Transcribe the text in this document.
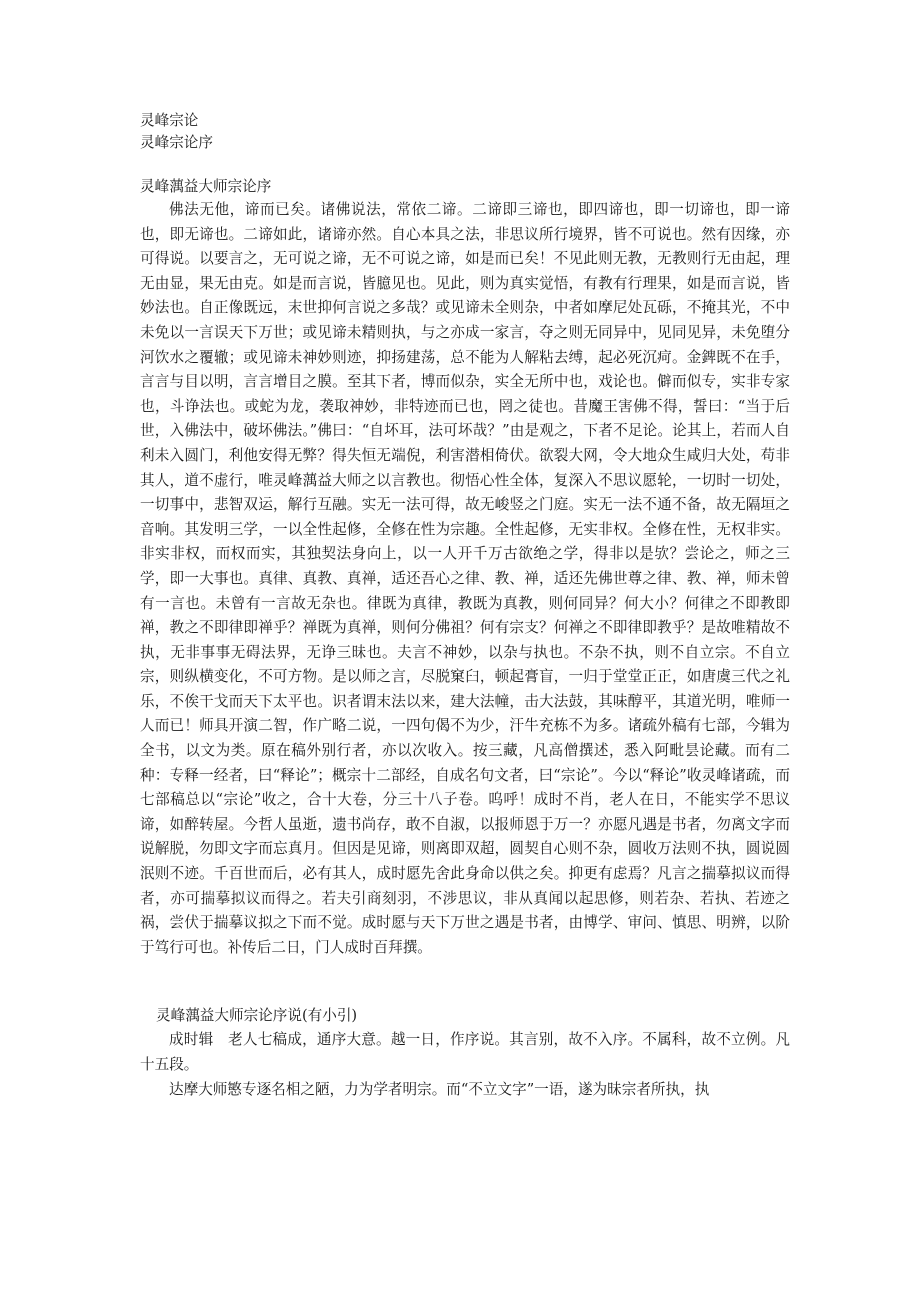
灵峰宗论

灵峰宗论序

灵峰蕅益大师宗论序

佛法无他，谛而已矣。诸佛说法，常依二谛。二谛即三谛也，即四谛也，即一切谛也，即一谛也，即无谛也。二谛如此，诸谛亦然。自心本具之法，非思议所行境界，皆不可说也。然有因缘，亦可得说。以要言之，无可说之谛，无不可说之谛，如是而已矣！不见此则无教，无教则行无由起，理无由显，果无由克。如是而言说，皆臆见也。见此，则为真实觉悟，有教有行理果，如是而言说，皆妙法也。自正像既远，末世抑何言说之多哉？或见谛未全则杂，中者如摩尼处瓦砾，不掩其光，不中未免以一言误天下万世；或见谛未精则执，与之亦成一家言，夺之则无同异中，见同见异，未免堕分河饮水之覆辙；或见谛未神妙则迹，抑扬建荡，总不能为人解粘去缚，起必死沉疴。金錍既不在手，言言与目以明，言言增目之膜。至其下者，博而似杂，实全无所中也，戏论也。僻而似专，实非专家也，斗诤法也。或蛇为龙，袭取神妙，非特迹而已也，罔之徒也。昔魔王害佛不得，誓曰：“当于后世，入佛法中，破坏佛法。”佛曰：“自坏耳，法可坏哉？”由是观之，下者不足论。论其上，若而人自利未入圆门，利他安得无弊？得失恒无端倪，利害潜相倚伏。欲裂大网，令大地众生咸归大处，苟非其人，道不虚行，唯灵峰蕅益大师之以言教也。彻悟心性全体，复深入不思议愿轮，一切时一切处，一切事中，悲智双运，解行互融。实无一法可得，故无峻竖之门庭。实无一法不通不备，故无隔垣之音响。其发明三学，一以全性起修，全修在性为宗趣。全性起修，无实非权。全修在性，无权非实。非实非权，而权而实，其独契法身向上，以一人开千万古欲绝之学，得非以是欤？尝论之，师之三学，即一大事也。真律、真教、真禅，适还吾心之律、教、禅，适还先佛世尊之律、教、禅，师未曾有一言也。未曾有一言故无杂也。律既为真律，教既为真教，则何同异？何大小？何律之不即教即禅，教之不即律即禅乎？禅既为真禅，则何分佛祖？何有宗支？何禅之不即律即教乎？是故唯精故不执，无非事事无碍法界，无诤三昧也。夫言不神妙，以杂与执也。不杂不执，则不自立宗。不自立宗，则纵横变化，不可方物。是以师之言，尽脱窠臼，顿起膏盲，一归于堂堂正正，如唐虞三代之礼乐，不俟干戈而天下太平也。识者谓末法以来，建大法幢，击大法鼓，其味醇平，其道光明，唯师一人而已！师具开演二智，作广略二说，一四句偈不为少，汗牛充栋不为多。诸疏外稿有七部，今辑为全书，以文为类。原在稿外别行者，亦以次收入。按三藏，凡高僧撰述，悉入阿毗昙论藏。而有二种：专释一经者，曰“释论”；概宗十二部经，自成名句文者，曰“宗论”。今以“释论”收灵峰诸疏，而七部稿总以“宗论”收之，合十大卷，分三十八子卷。呜呼！成时不肖，老人在日，不能实学不思议谛，如醉转屋。今哲人虽逝，遗书尚存，敢不自淑，以报师恩于万一？亦愿凡遇是书者，勿离文字而说解脱，勿即文字而忘真月。但因是见谛，则离即双超，圆契自心则不杂，圆收万法则不执，圆说圆泯则不迹。千百世而后，必有其人，成时愿先舍此身命以供之矣。抑更有虑焉？凡言之揣摹拟议而得者，亦可揣摹拟议而得之。若夫引商刻羽，不涉思议，非从真闻以起思修，则若杂、若执、若迹之祸，尝伏于揣摹议拟之下而不觉。成时愿与天下万世之遇是书者，由博学、审问、慎思、明辨，以阶于笃行可也。补传后二日，门人成时百拜撰。

灵峰蕅益大师宗论序说(有小引)

成时辑　老人七稿成，通序大意。越一日，作序说。其言别，故不入序。不属科，故不立例。凡十五段。

达摩大师慜专逐名相之陋，力为学者明宗。而“不立文字”一语，遂为昧宗者所执，执
